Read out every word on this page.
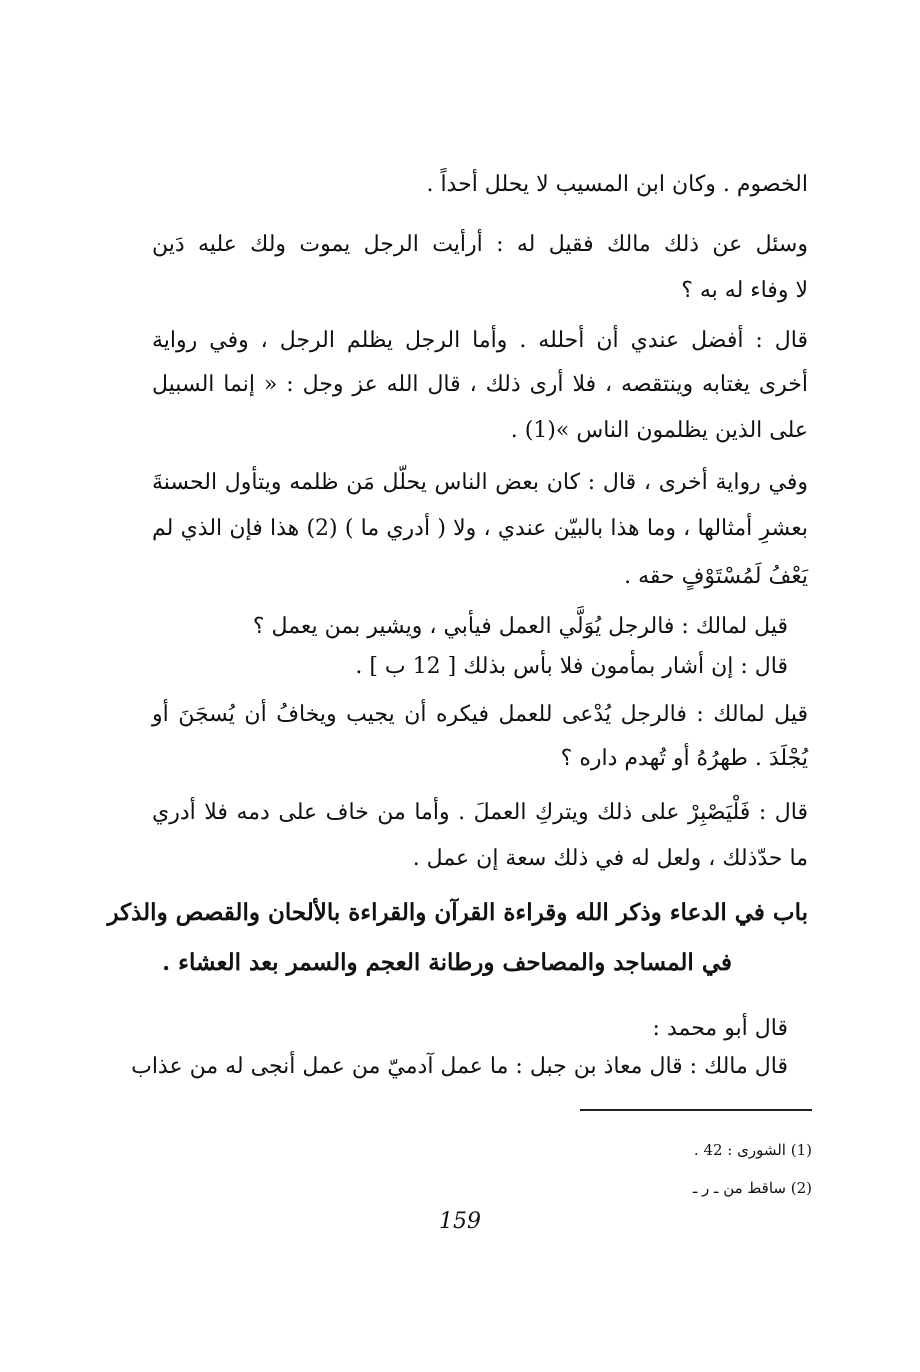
الخصوم . وكان ابن المسيب لا يحلل أحداً .
وسئل عن ذلك مالك فقيل له : أرأيت الرجل يموت ولك عليه دَين
لا وفاء له به ؟
قال : أفضل عندي أن أحلله . وأما الرجل يظلم الرجل ، وفي رواية
أخرى يغتابه وينتقصه ، فلا أرى ذلك ، قال الله عز وجل : « إنما السبيل
على الذين يظلمون الناس »(1) .
وفي رواية أخرى ، قال : كان بعض الناس يحلّل مَن ظلمه ويتأول الحسنةَ
بعشرِ أمثالها ، وما هذا بالبيّن عندي ، ولا ( أدري ما ) (2) هذا فإن الذي لم
يَعْفُ لَمُسْتَوْفٍ حقه .
قيل لمالك : فالرجل يُوَلَّي العمل فيأبي ، ويشير بمن يعمل ؟
قال : إن أشار بمأمون فلا بأس بذلك [ 12 ب ] .
قيل لمالك : فالرجل يُدْعى للعمل فيكره أن يجيب ويخافُ أن يُسجَنَ أو
يُجْلَدَ . طهرُهُ أو تُهدم داره ؟
قال : فَلْيَصْبِرْ على ذلك ويتركِ العملَ . وأما من خاف على دمه فلا أدري
ما حدّذلك ، ولعل له في ذلك سعة إن عمل .
باب في الدعاء وذكر الله وقراءة القرآن والقراءة بالألحان والقصص والذكر
في المساجد والمصاحف ورطانة العجم والسمر بعد العشاء .
قال أبو محمد :
قال مالك : قال معاذ بن جبل : ما عمل آدميّ من عمل أنجى له من عذاب
(1) الشورى : 42 .
(2) ساقط من ـ ر ـ
159
